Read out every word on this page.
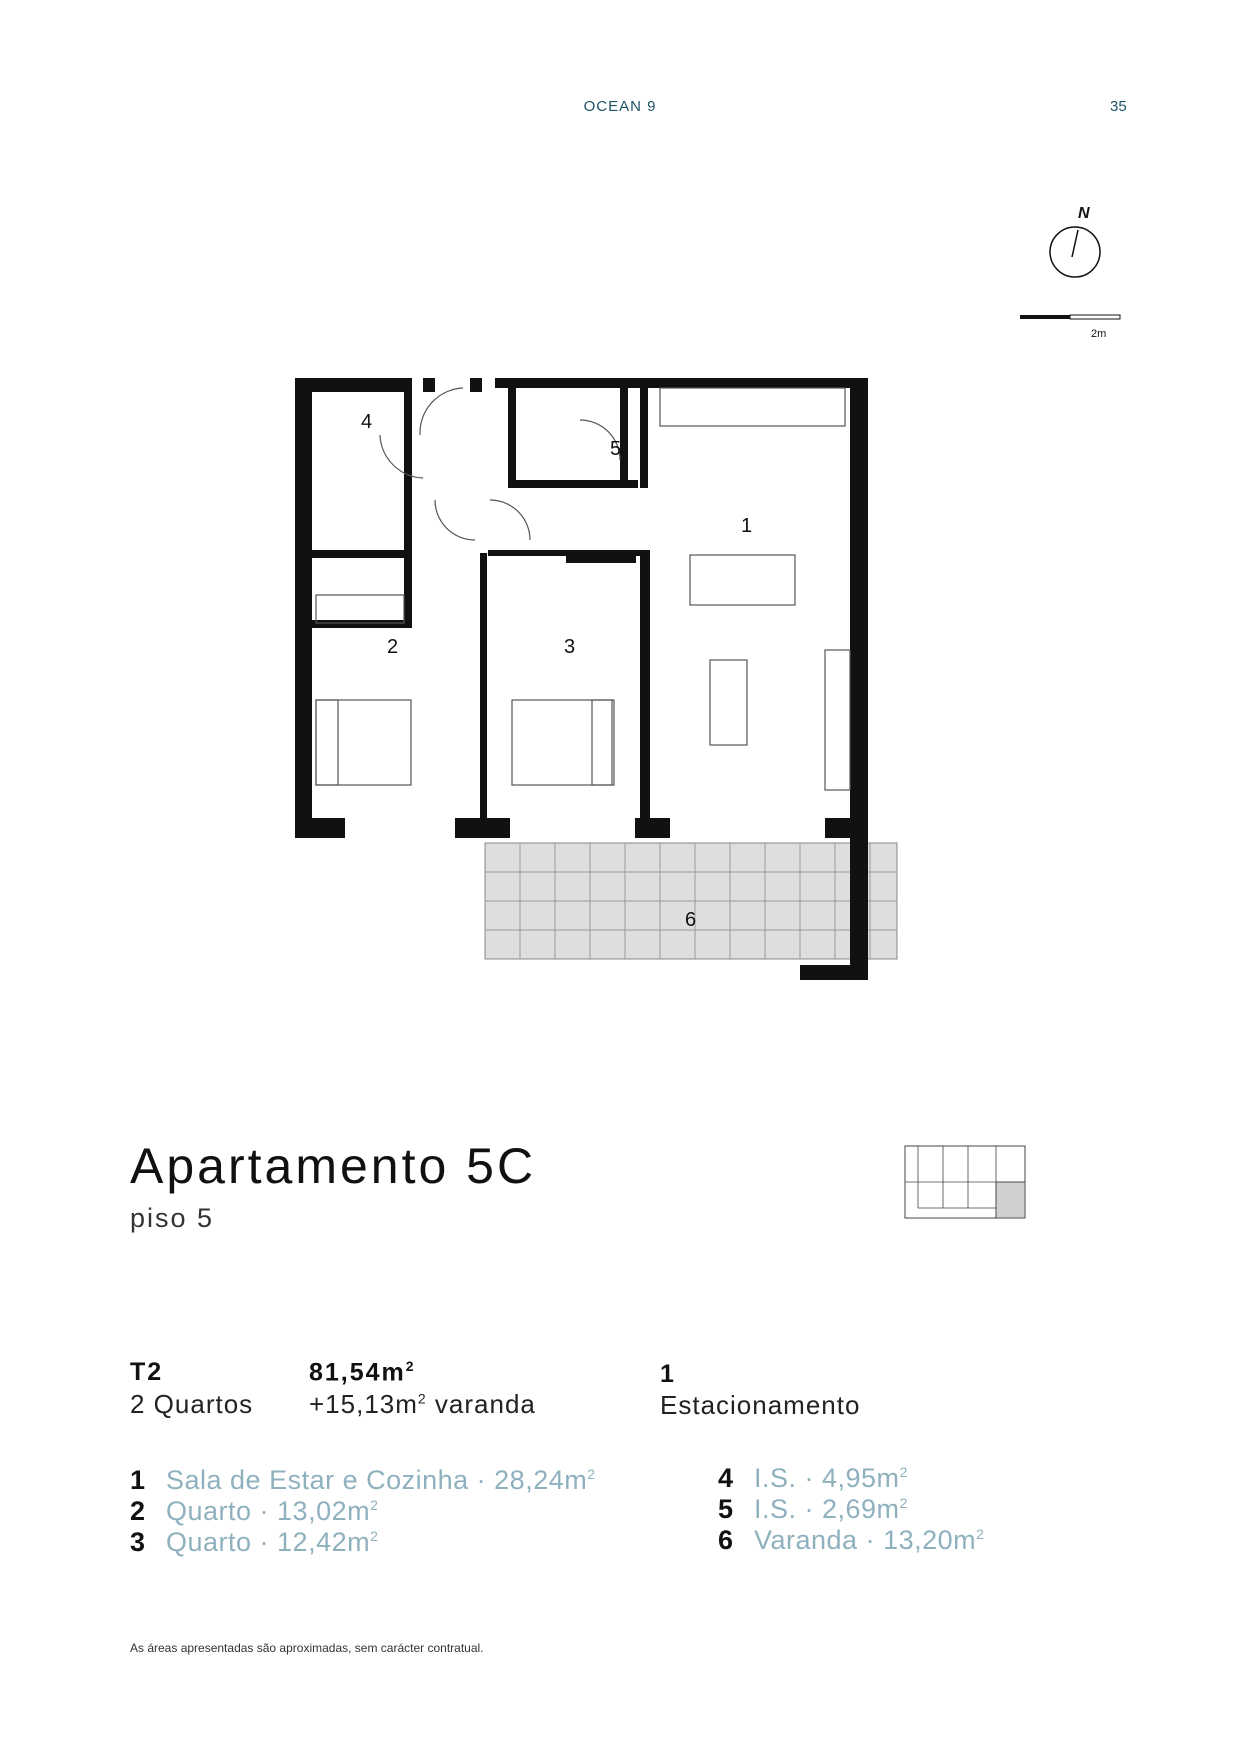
OCEAN 9	35
N
2m
1
2	3
4
5
6
Apartamento 5C
piso 5
T2
2 Quartos
$81,54m^2$
$+15,13m^2$ varanda
1
Estacionamento
1 Sala de Estar e Cozinha · $28,24m^2$
2 Quarto · $13,02m^2$
3 Quarto · $12,42m^2$
4 I.S. · $4,95m^2$
5 I.S. · $2,69m^2$
6 Varanda · $13,20m^2$
As áreas apresentadas são aproximadas, sem carácter contratual.
